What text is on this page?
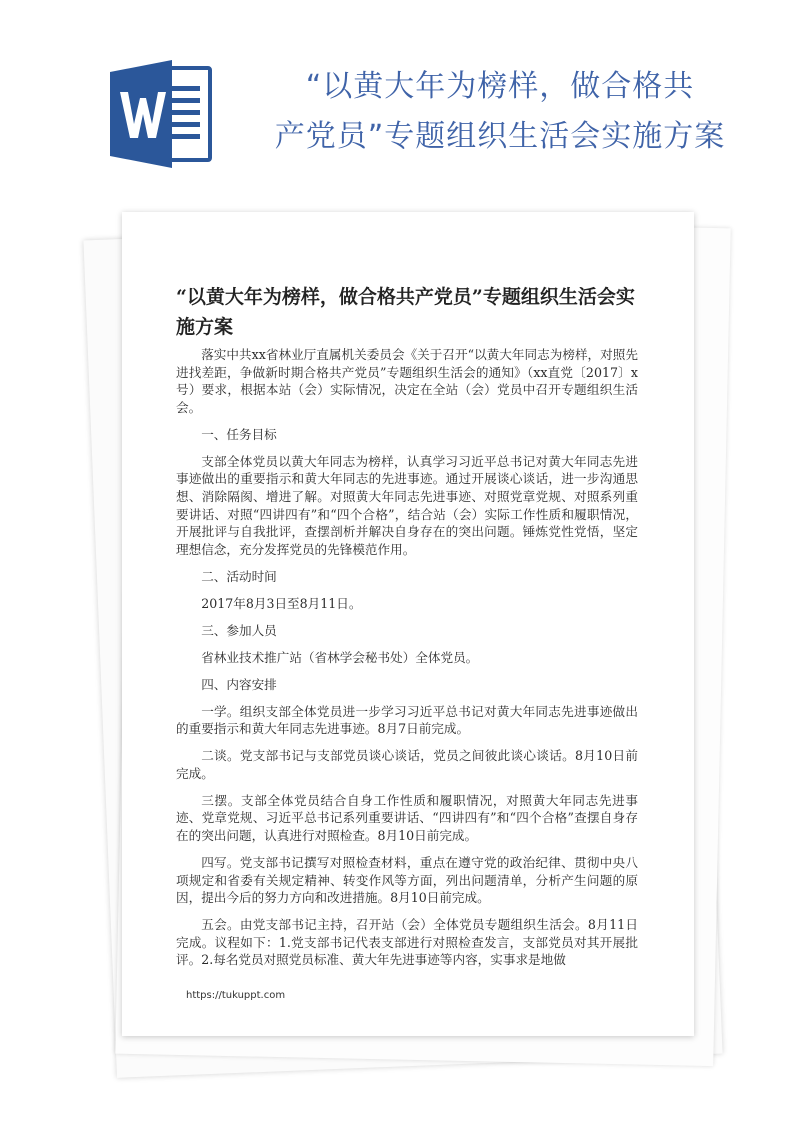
“以黄大年为榜样，做合格共
产党员”专题组织生活会实施方案
“以黄大年为榜样，做合格共产党员”专题组织生活会实施方案

落实中共xx省林业厅直属机关委员会《关于召开“以黄大年同志为榜样，对照先进找差距，争做新时期合格共产党员”专题组织生活会的通知》（xx直党〔2017〕x号）要求，根据本站（会）实际情况，决定在全站（会）党员中召开专题组织生活会。

一、任务目标

支部全体党员以黄大年同志为榜样，认真学习习近平总书记对黄大年同志先进事迹做出的重要指示和黄大年同志的先进事迹。通过开展谈心谈话，进一步沟通思想、消除隔阂、增进了解。对照黄大年同志先进事迹、对照党章党规、对照系列重要讲话、对照“四讲四有”和“四个合格”，结合站（会）实际工作性质和履职情况，开展批评与自我批评，查摆剖析并解决自身存在的突出问题。锤炼党性党悟，坚定理想信念，充分发挥党员的先锋模范作用。

二、活动时间

2017年8月3日至8月11日。

三、参加人员

省林业技术推广站（省林学会秘书处）全体党员。

四、内容安排

一学。组织支部全体党员进一步学习习近平总书记对黄大年同志先进事迹做出的重要指示和黄大年同志先进事迹。8月7日前完成。

二谈。党支部书记与支部党员谈心谈话，党员之间彼此谈心谈话。8月10日前完成。

三摆。支部全体党员结合自身工作性质和履职情况，对照黄大年同志先进事迹、党章党规、习近平总书记系列重要讲话、“四讲四有”和“四个合格”查摆自身存在的突出问题，认真进行对照检查。8月10日前完成。

四写。党支部书记撰写对照检查材料，重点在遵守党的政治纪律、贯彻中央八项规定和省委有关规定精神、转变作风等方面，列出问题清单，分析产生问题的原因，提出今后的努力方向和改进措施。8月10日前完成。

五会。由党支部书记主持，召开站（会）全体党员专题组织生活会。8月11日完成。议程如下：1.党支部书记代表支部进行对照检查发言，支部党员对其开展批评。2.每名党员对照党员标准、黄大年先进事迹等内容，实事求是地做

https://tukuppt.com
